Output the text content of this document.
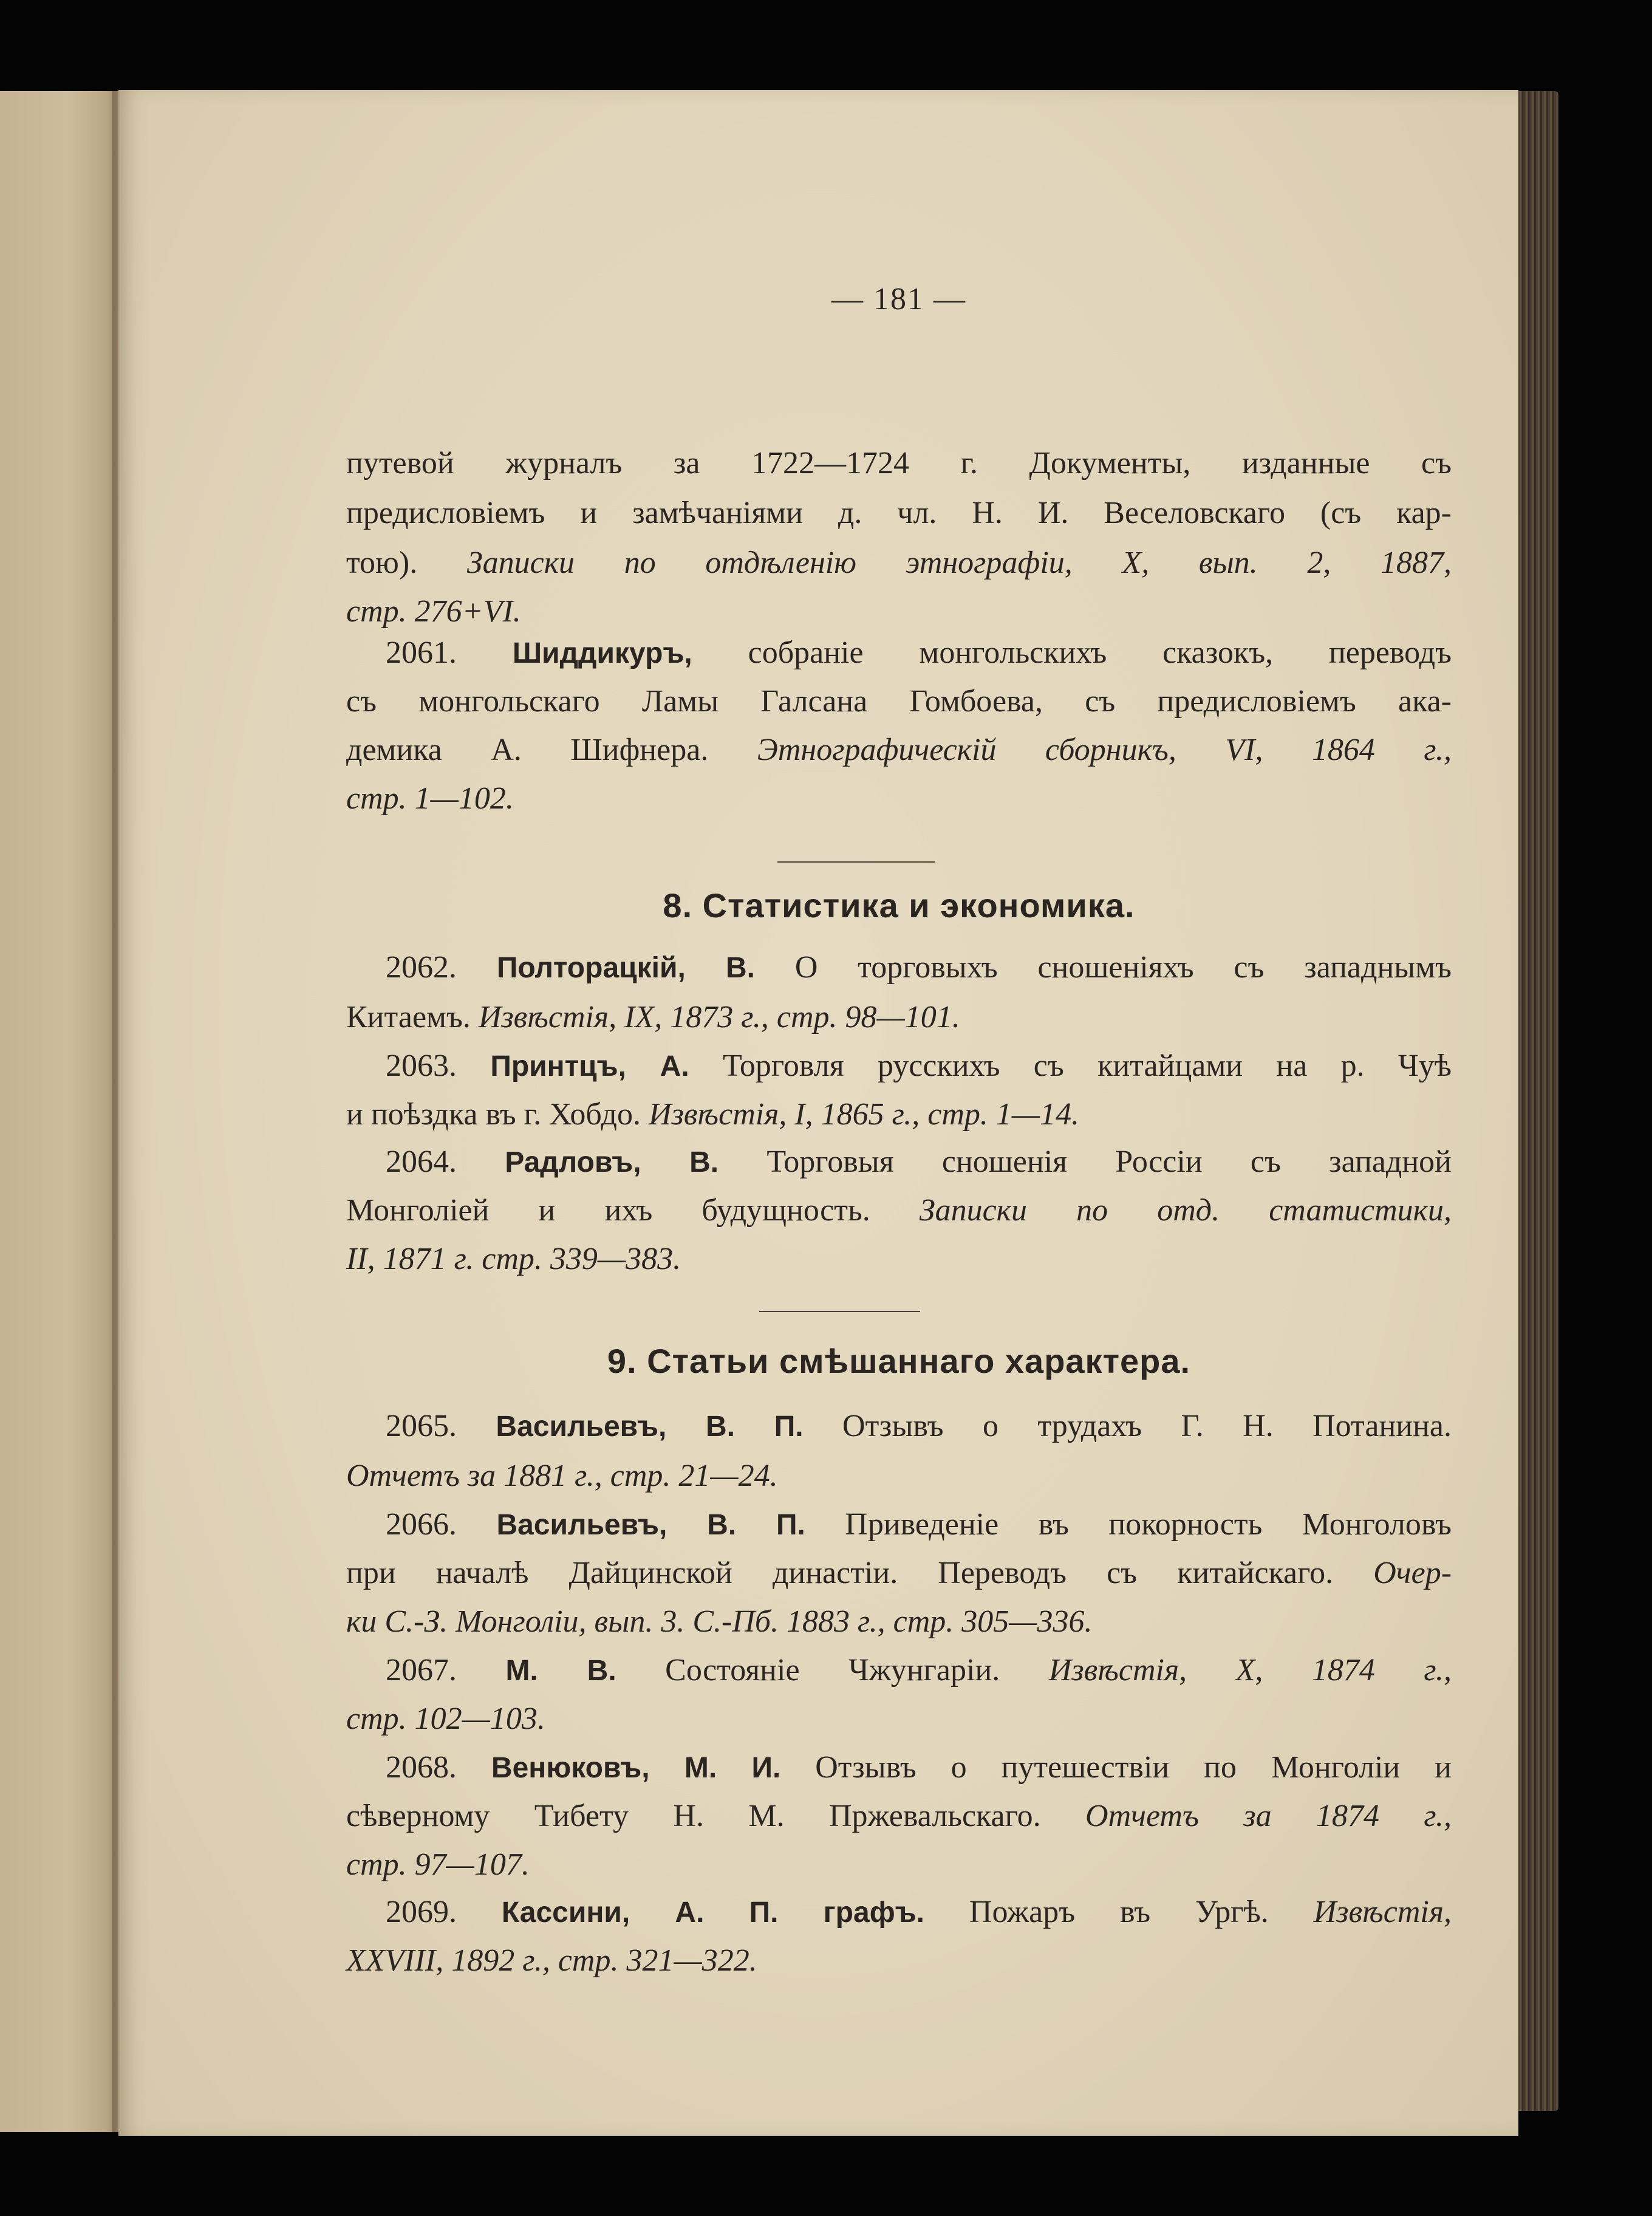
— 181 —
путевой журналъ за 1722—1724 г. Документы, изданные съ
предисловіемъ и замѣчаніями д. чл. Н. И. Веселовскаго (съ кар-
тою). Записки по отдѣленію этнографіи, X, вып. 2, 1887,
стр. 276+VI.
2061. Шиддикуръ, собраніе монгольскихъ сказокъ, переводъ
съ монгольскаго Ламы Галсана Гомбоева, съ предисловіемъ ака-
демика А. Шифнера. Этнографическій сборникъ, VI, 1864 г.,
стр. 1—102.
8. Статистика и экономика.
2062. Полторацкій, В. О торговыхъ сношеніяхъ съ западнымъ
Китаемъ. Извѣстія, IX, 1873 г., стр. 98—101.
2063. Принтцъ, А. Торговля русскихъ съ китайцами на р. Чуѣ
и поѣздка въ г. Хобдо. Извѣстія, I, 1865 г., стр. 1—14.
2064. Радловъ, В. Торговыя сношенія Россіи съ западной
Монголіей и ихъ будущность. Записки по отд. статистики,
II, 1871 г. стр. 339—383.
9. Статьи смѣшаннаго характера.
2065. Васильевъ, В. П. Отзывъ о трудахъ Г. Н. Потанина.
Отчетъ за 1881 г., стр. 21—24.
2066. Васильевъ, В. П. Приведеніе въ покорность Монголовъ
при началѣ Дайцинской династіи. Переводъ съ китайскаго. Очер-
ки С.-З. Монголіи, вып. 3. С.-Пб. 1883 г., стр. 305—336.
2067. М. В. Состояніе Чжунгаріи. Извѣстія, X, 1874 г.,
стр. 102—103.
2068. Венюковъ, М. И. Отзывъ о путешествіи по Монголіи и
сѣверному Тибету Н. М. Пржевальскаго. Отчетъ за 1874 г.,
стр. 97—107.
2069. Кассини, А. П. графъ. Пожаръ въ Ургѣ. Извѣстія,
XXVIII, 1892 г., стр. 321—322.
